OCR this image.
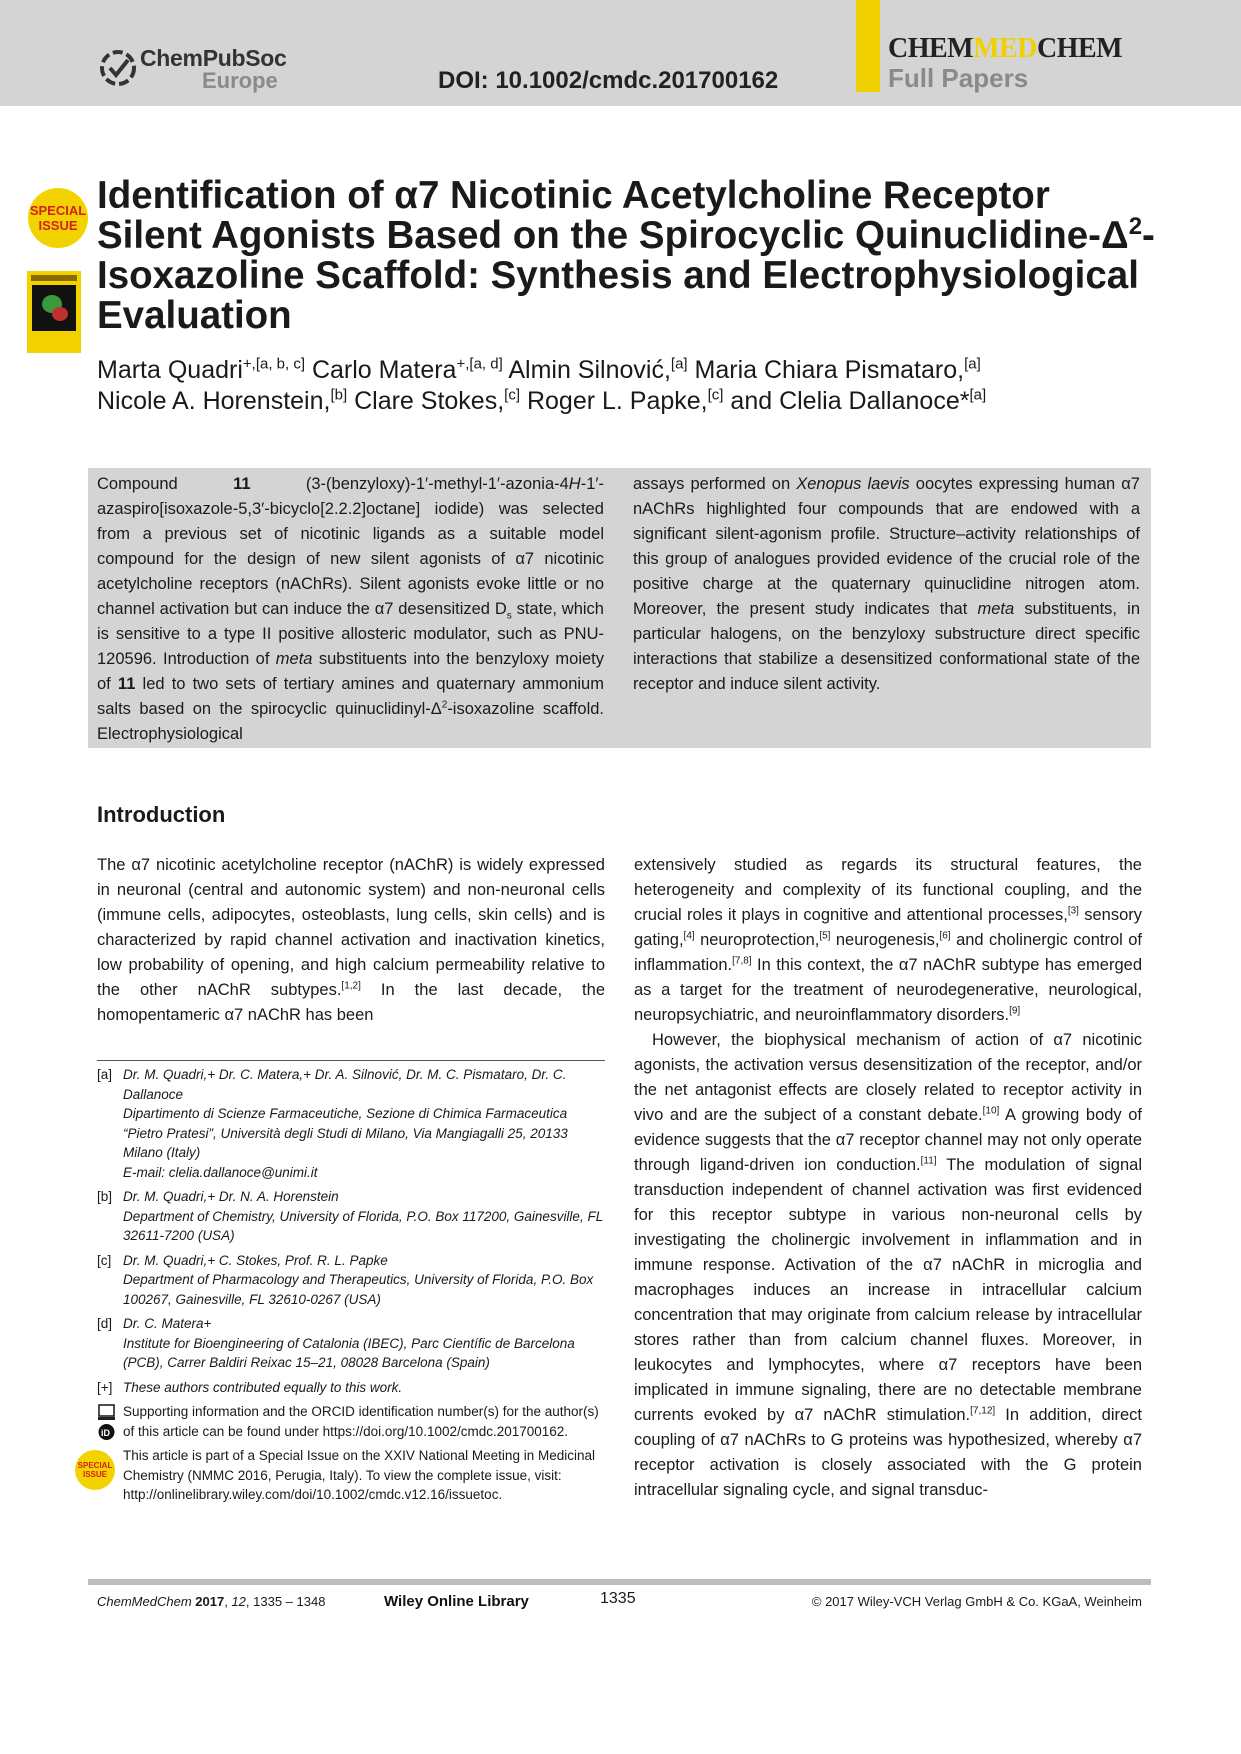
ChemPubSoc
Europe	DOI: 10.1002/cmdc.201700162
CHEMMEDCHEM
Full Papers
SPECIAL
ISSUE
Identification of α7 Nicotinic Acetylcholine Receptor Silent Agonists Based on the Spirocyclic Quinuclidine-$\Delta^2$-Isoxazoline Scaffold: Synthesis and Electrophysiological Evaluation

Marta Quadri$^{+,[a, b, c]}$ Carlo Matera$^{+,[a, d]}$ Almin Silnović,[a] Maria Chiara Pismataro,[a]
Nicole A. Horenstein,[b] Clare Stokes,[c] Roger L. Papke,[c] and Clelia Dallanoce*[a]

Compound 11 (3-(benzyloxy)-1′-methyl-1′-azonia-4H-1′-azaspiro[isoxazole-5,3′-bicyclo[2.2.2]octane] iodide) was selected from a previous set of nicotinic ligands as a suitable model compound for the design of new silent agonists of α7 nicotinic acetylcholine receptors (nAChRs). Silent agonists evoke little or no channel activation but can induce the α7 desensitized $D_s$ state, which is sensitive to a type II positive allosteric modulator, such as PNU-120596. Introduction of meta substituents into the benzyloxy moiety of 11 led to two sets of tertiary amines and quaternary ammonium salts based on the spirocyclic quinuclidinyl-$\Delta^2$-isoxazoline scaffold. Electrophysiological
assays performed on Xenopus laevis oocytes expressing human α7 nAChRs highlighted four compounds that are endowed with a significant silent-agonism profile. Structure–activity relationships of this group of analogues provided evidence of the crucial role of the positive charge at the quaternary quinuclidine nitrogen atom. Moreover, the present study indicates that meta substituents, in particular halogens, on the benzyloxy substructure direct specific interactions that stabilize a desensitized conformational state of the receptor and induce silent activity.
Introduction

The α7 nicotinic acetylcholine receptor (nAChR) is widely expressed in neuronal (central and autonomic system) and non-neuronal cells (immune cells, adipocytes, osteoblasts, lung cells, skin cells) and is characterized by rapid channel activation and inactivation kinetics, low probability of opening, and high calcium permeability relative to the other nAChR subtypes.[1,2] In the last decade, the homopentameric α7 nAChR has been

extensively studied as regards its structural features, the heterogeneity and complexity of its functional coupling, and the crucial roles it plays in cognitive and attentional processes,[3] sensory gating,[4] neuroprotection,[5] neurogenesis,[6] and cholinergic control of inflammation.[7,8] In this context, the α7 nAChR subtype has emerged as a target for the treatment of neurodegenerative, neurological, neuropsychiatric, and neuroinflammatory disorders.[9]

However, the biophysical mechanism of action of α7 nicotinic agonists, the activation versus desensitization of the receptor, and/or the net antagonist effects are closely related to receptor activity in vivo and are the subject of a constant debate.[10] A growing body of evidence suggests that the α7 receptor channel may not only operate through ligand-driven ion conduction.[11] The modulation of signal transduction independent of channel activation was first evidenced for this receptor subtype in various non-neuronal cells by investigating the cholinergic involvement in inflammation and in immune response. Activation of the α7 nAChR in microglia and macrophages induces an increase in intracellular calcium concentration that may originate from calcium release by intracellular stores rather than from calcium channel fluxes. Moreover, in leukocytes and lymphocytes, where α7 receptors have been implicated in immune signaling, there are no detectable membrane currents evoked by α7 nAChR stimulation.[7,12] In addition, direct coupling of α7 nAChRs to G proteins was hypothesized, whereby α7 receptor activation is closely associated with the G protein intracellular signaling cycle, and signal transduc-

[a] Dr. M. Quadri,+ Dr. C. Matera,+ Dr. A. Silnović, Dr. M. C. Pismataro, Dr. C. Dallanoce
Dipartimento di Scienze Farmaceutiche, Sezione di Chimica Farmaceutica “Pietro Pratesi”, Università degli Studi di Milano, Via Mangiagalli 25, 20133 Milano (Italy)
E-mail: clelia.dallanoce@unimi.it
[b] Dr. M. Quadri,+ Dr. N. A. Horenstein
Department of Chemistry, University of Florida, P.O. Box 117200, Gainesville, FL 32611-7200 (USA)
[c] Dr. M. Quadri,+ C. Stokes, Prof. R. L. Papke
Department of Pharmacology and Therapeutics, University of Florida, P.O. Box 100267, Gainesville, FL 32610-0267 (USA)
[d] Dr. C. Matera+
Institute for Bioengineering of Catalonia (IBEC), Parc Científic de Barcelona (PCB), Carrer Baldiri Reixac 15–21, 08028 Barcelona (Spain)
[+] These authors contributed equally to this work.
iD
Supporting information and the ORCID identification number(s) for the author(s) of this article can be found under https://doi.org/10.1002/cmdc.201700162.
SPECIAL
ISSUE
This article is part of a Special Issue on the XXIV National Meeting in Medicinal Chemistry (NMMC 2016, Perugia, Italy). To view the complete issue, visit: http://onlinelibrary.wiley.com/doi/10.1002/cmdc.v12.16/issuetoc.
ChemMedChem 2017, 12, 1335 – 1348	Wiley Online Library	1335	© 2017 Wiley-VCH Verlag GmbH & Co. KGaA, Weinheim
